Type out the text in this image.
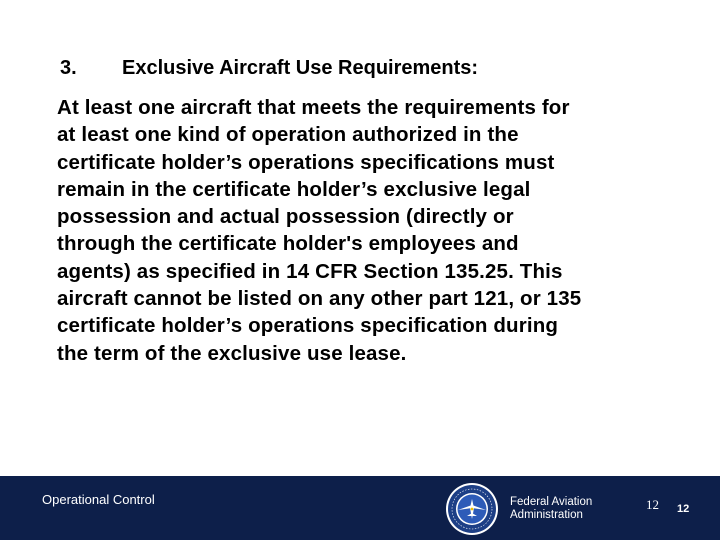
3. Exclusive Aircraft Use Requirements:
At least one aircraft that meets the requirements for
at least one kind of operation authorized in the
certificate holder’s operations specifications must
remain in the certificate holder’s exclusive legal
possession and actual possession (directly or
through the certificate holder's employees and
agents) as specified in 14 CFR Section 135.25. This
aircraft cannot be listed on any other part 121, or 135
certificate holder’s operations specification during
the term of the exclusive use lease.
Operational Control	Federal Aviation
Administration
12 12
